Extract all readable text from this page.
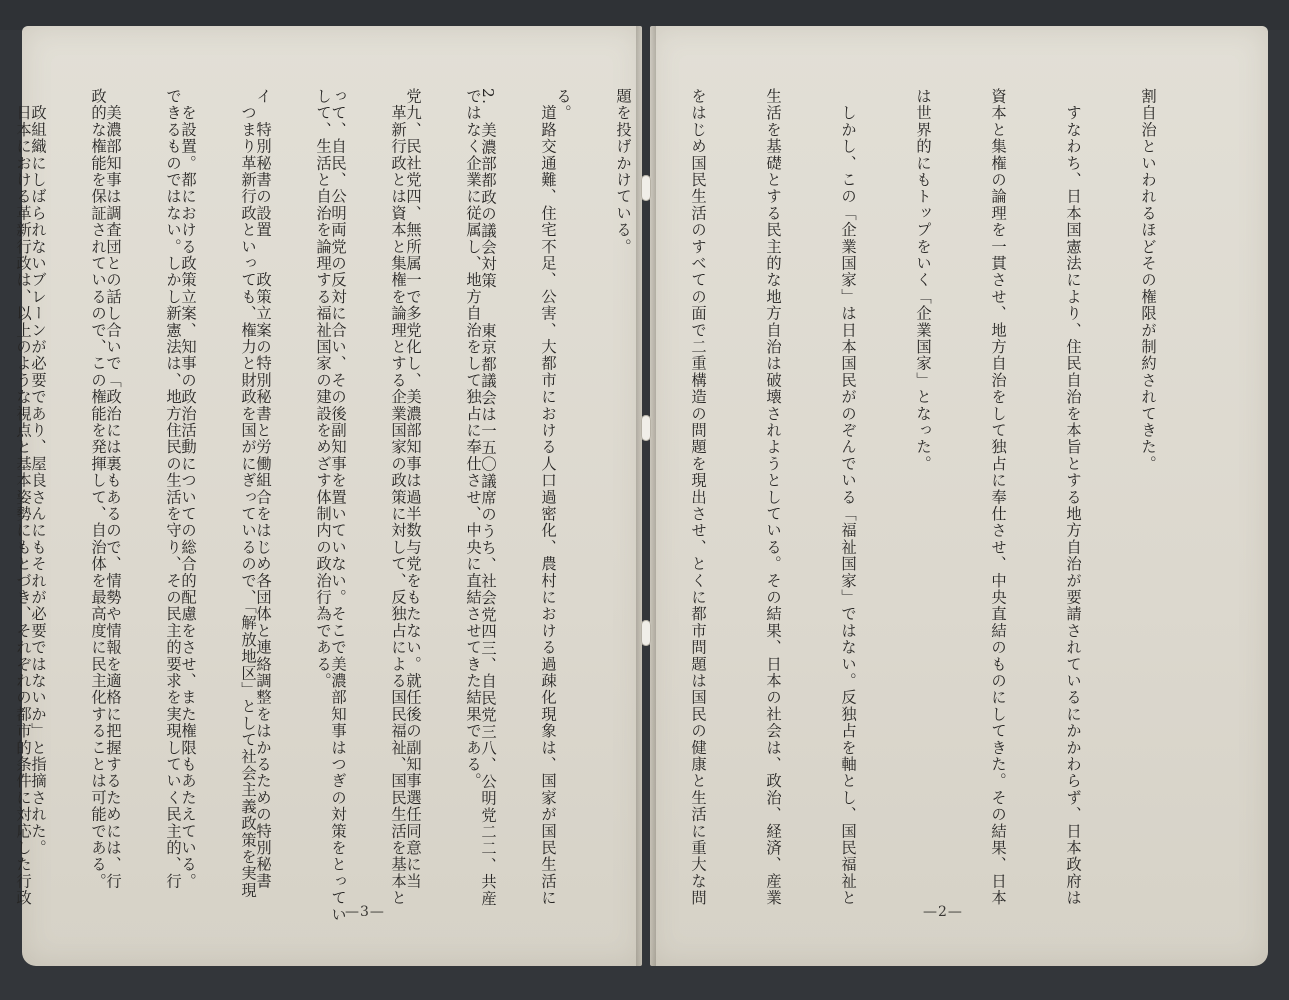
割自治といわれるほどその権限が制約されてきた。

　すなわち、日本国憲法により、住民自治を本旨とする地方自治が要請されているにかかわらず、日本政府は

資本と集権の論理を一貫させ、地方自治をして独占に奉仕させ、中央直結のものにしてきた。その結果、日本

は世界的にもトップをいく「企業国家」となった。

　しかし、この「企業国家」は日本国民がのぞんでいる「福祉国家」ではない。反独占を軸とし、国民福祉と

生活を基礎とする民主的な地方自治は破壊されようとしている。その結果、日本の社会は、政治、経済、産業

をはじめ国民生活のすべての面で二重構造の問題を現出させ、とくに都市問題は国民の健康と生活に重大な問

題を投げかけている。

　道路交通難、住宅不足、公害、大都市における人口過密化、農村における過疎化現象は、国家が国民生活に

ではなく企業に従属し、地方自治をして独占に奉仕させ、中央に直結させてきた結果である。

　革新行政とは資本と集権を論理とする企業国家の政策に対して、反独占による国民福祉、国民生活を基本と

して、生活と自治を論理する福祉国家の建設をめざす体制内の政治行為である。

　つまり革新行政といっても、権力と財政を国がにぎっているので、「解放地区」として社会主義政策を実現

できるものではない。しかし新憲法は、地方住民の生活を守り、その民主的要求を実現していく民主的、行

政的な権能を保証されているので、この権能を発揮して、自治体を最高度に民主化することは可能である。

　日本における革新行政は、以上のような視点と基本姿勢にもとづき、それぞれの都市的条件に対応した行政

	る。

2.　美濃部都政の議会対策　　東京都議会は一五〇議席のうち、社会党四三、自民党三八、公明党二二、共産

党九、民社党四、無所属一で多党化し、美濃部知事は過半数与党をもたない。就任後の副知事選任同意に当

って、自民、公明両党の反対に合い、その後副知事を置いていない。そこで美濃部知事はつぎの対策をとってい

イ　特別秘書の設置　　政策立案の特別秘書と労働組合をはじめ各団体と連絡調整をはかるための特別秘書

　を設置。都における政策立案、知事の政治活動についての総合的配慮をさせ、また権限もあたえている。

　美濃部知事は調査団との話し合いで「政治には裏もあるので、情勢や情報を適格に把握するためには、行

　政組織にしばられないブレーンが必要であり、屋良さんにもそれが必要ではないか」と指摘された。

—3—	—2—
